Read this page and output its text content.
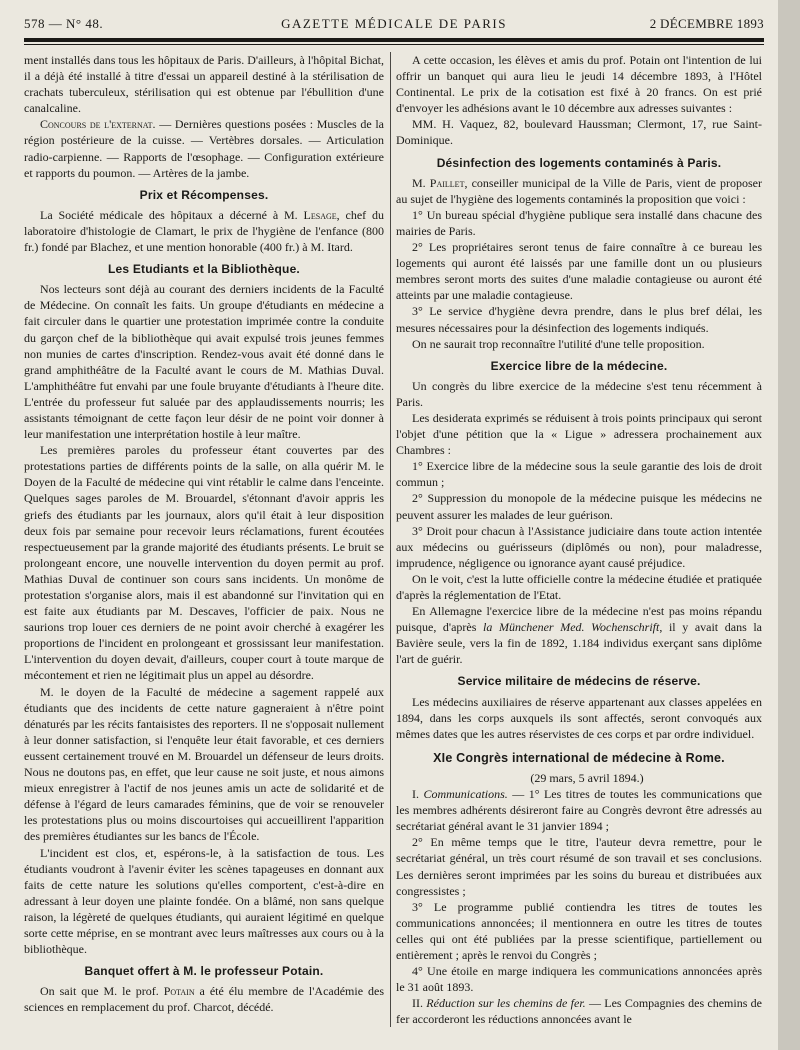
578 — N° 48.	GAZETTE MÉDICALE DE PARIS	2 DÉCEMBRE 1893

ment installés dans tous les hôpitaux de Paris. D'ailleurs, à l'hôpital Bichat, il a déjà été installé à titre d'essai un appareil destiné à la stérilisation de crachats tuberculeux, stérilisation qui est obtenue par l'ébullition d'une canalcaline.

Concours de l'externat. — Dernières questions posées : Muscles de la région postérieure de la cuisse. — Vertèbres dorsales. — Articulation radio-carpienne. — Rapports de l'œsophage. — Configuration extérieure et rapports du poumon. — Artères de la jambe.

Prix et Récompenses.

La Société médicale des hôpitaux a décerné à M. Lesage, chef du laboratoire d'histologie de Clamart, le prix de l'hygiène de l'enfance (800 fr.) fondé par Blachez, et une mention honorable (400 fr.) à M. Itard.

Les Etudiants et la Bibliothèque.

Nos lecteurs sont déjà au courant des derniers incidents de la Faculté de Médecine. On connaît les faits. Un groupe d'étudiants en médecine a fait circuler dans le quartier une protestation imprimée contre la conduite du garçon chef de la bibliothèque qui avait expulsé trois jeunes femmes non munies de cartes d'inscription. Rendez-vous avait été donné dans le grand amphithéâtre de la Faculté avant le cours de M. Mathias Duval. L'amphithéâtre fut envahi par une foule bruyante d'étudiants à l'heure dite. L'entrée du professeur fut saluée par des applaudissements nourris; les assistants témoignant de cette façon leur désir de ne point voir donner à leur manifestation une interprétation hostile à leur maître.

Les premières paroles du professeur étant couvertes par des protestations parties de différents points de la salle, on alla quérir M. le Doyen de la Faculté de médecine qui vint rétablir le calme dans l'enceinte. Quelques sages paroles de M. Brouardel, s'étonnant d'avoir appris les griefs des étudiants par les journaux, alors qu'il était à leur disposition deux fois par semaine pour recevoir leurs réclamations, furent écoutées respectueusement par la grande majorité des étudiants présents. Le bruit se prolongeant encore, une nouvelle intervention du doyen permit au prof. Mathias Duval de continuer son cours sans incidents. Un monôme de protestation s'organise alors, mais il est abandonné sur l'invitation qui en est faite aux étudiants par M. Descaves, l'officier de paix. Nous ne saurions trop louer ces derniers de ne point avoir cherché à exagérer les proportions de l'incident en prolongeant et grossissant leur manifestation. L'intervention du doyen devait, d'ailleurs, couper court à toute marque de mécontement et rien ne légitimait plus un appel au désordre.

M. le doyen de la Faculté de médecine a sagement rappelé aux étudiants que des incidents de cette nature gagneraient à n'être point dénaturés par les récits fantaisistes des reporters. Il ne s'opposait nullement à leur donner satisfaction, si l'enquête leur était favorable, et ces derniers eussent certainement trouvé en M. Brouardel un défenseur de leurs droits. Nous ne doutons pas, en effet, que leur cause ne soit juste, et nous aimons mieux enregistrer à l'actif de nos jeunes amis un acte de solidarité et de défense à l'égard de leurs camarades féminins, que de voir se renouveler les protestations plus ou moins discourtoises qui accueillirent l'apparition des premières étudiantes sur les bancs de l'École.

L'incident est clos, et, espérons-le, à la satisfaction de tous. Les étudiants voudront à l'avenir éviter les scènes tapageuses en donnant aux faits de cette nature les solutions qu'elles comportent, c'est-à-dire en adressant à leur doyen une plainte fondée. On a blâmé, non sans quelque raison, la légèreté de quelques étudiants, qui auraient légitimé en quelque sorte cette méprise, en se montrant avec leurs maîtresses aux cours ou à la bibliothèque.

Banquet offert à M. le professeur Potain.

On sait que M. le prof. Potain a été élu membre de l'Académie des sciences en remplacement du prof. Charcot, décédé.

A cette occasion, les élèves et amis du prof. Potain ont l'intention de lui offrir un banquet qui aura lieu le jeudi 14 décembre 1893, à l'Hôtel Continental. Le prix de la cotisation est fixé à 20 francs. On est prié d'envoyer les adhésions avant le 10 décembre aux adresses suivantes :

MM. H. Vaquez, 82, boulevard Haussman; Clermont, 17, rue Saint-Dominique.

Désinfection des logements contaminés à Paris.

M. Paillet, conseiller municipal de la Ville de Paris, vient de proposer au sujet de l'hygiène des logements contaminés la proposition que voici :

1° Un bureau spécial d'hygiène publique sera installé dans chacune des mairies de Paris.

2° Les propriétaires seront tenus de faire connaître à ce bureau les logements qui auront été laissés par une famille dont un ou plusieurs membres seront morts des suites d'une maladie contagieuse ou auront été atteints par une maladie contagieuse.

3° Le service d'hygiène devra prendre, dans le plus bref délai, les mesures nécessaires pour la désinfection des logements indiqués.

On ne saurait trop reconnaître l'utilité d'une telle proposition.

Exercice libre de la médecine.

Un congrès du libre exercice de la médecine s'est tenu récemment à Paris.

Les desiderata exprimés se réduisent à trois points principaux qui seront l'objet d'une pétition que la « Ligue » adressera prochainement aux Chambres :

1° Exercice libre de la médecine sous la seule garantie des lois de droit commun ;

2° Suppression du monopole de la médecine puisque les médecins ne peuvent assurer les malades de leur guérison.

3° Droit pour chacun à l'Assistance judiciaire dans toute action intentée aux médecins ou guérisseurs (diplômés ou non), pour maladresse, imprudence, négligence ou ignorance ayant causé préjudice.

On le voit, c'est la lutte officielle contre la médecine étudiée et pratiquée d'après la réglementation de l'Etat.

En Allemagne l'exercice libre de la médecine n'est pas moins répandu puisque, d'après la Münchener Med. Wochenschrift, il y avait dans la Bavière seule, vers la fin de 1892, 1.184 individus exerçant sans diplôme l'art de guérir.

Service militaire de médecins de réserve.

Les médecins auxiliaires de réserve appartenant aux classes appelées en 1894, dans les corps auxquels ils sont affectés, seront convoqués aux mêmes dates que les autres réservistes de ces corps et par ordre individuel.

XIe Congrès international de médecine à Rome.

(29 mars, 5 avril 1894.)

I. Communications. — 1° Les titres de toutes les communications que les membres adhérents désireront faire au Congrès devront être adressés au secrétariat général avant le 31 janvier 1894 ;

2° En même temps que le titre, l'auteur devra remettre, pour le secrétariat général, un très court résumé de son travail et ses conclusions. Les dernières seront imprimées par les soins du bureau et distribuées aux congressistes ;

3° Le programme publié contiendra les titres de toutes les communications annoncées; il mentionnera en outre les titres de toutes celles qui ont été publiées par la presse scientifique, partiellement ou entièrement ; après le renvoi du Congrès ;

4° Une étoile en marge indiquera les communications annoncées après le 31 août 1893.

II. Réduction sur les chemins de fer. — Les Compagnies des chemins de fer accorderont les réductions annoncées avant le
